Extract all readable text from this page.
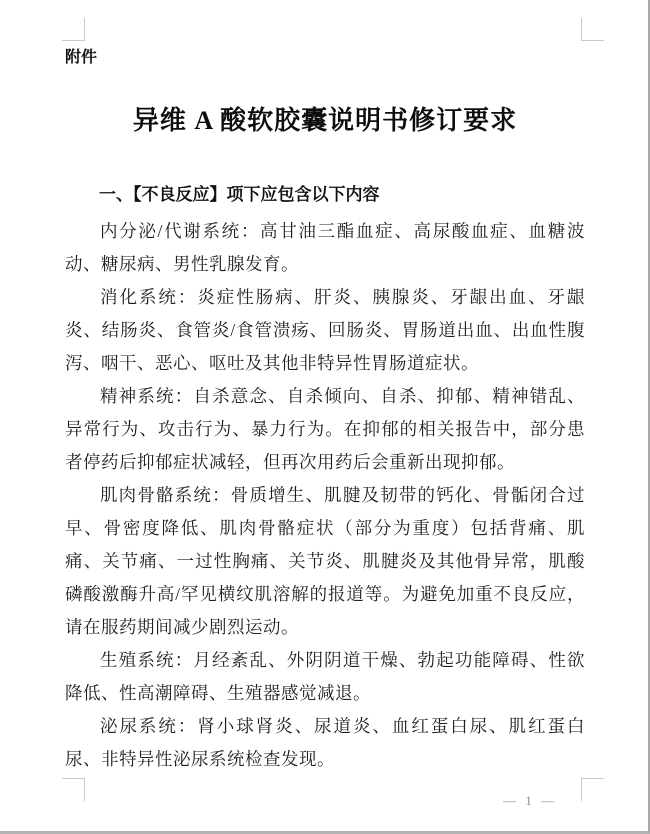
附件
异维 A 酸软胶囊说明书修订要求
一、【不良反应】项下应包含以下内容

内分泌/代谢系统：高甘油三酯血症、高尿酸血症、血糖波动、糖尿病、男性乳腺发育。

消化系统：炎症性肠病、肝炎、胰腺炎、牙龈出血、牙龈炎、结肠炎、食管炎/食管溃疡、回肠炎、胃肠道出血、出血性腹泻、咽干、恶心、呕吐及其他非特异性胃肠道症状。

精神系统：自杀意念、自杀倾向、自杀、抑郁、精神错乱、异常行为、攻击行为、暴力行为。在抑郁的相关报告中，部分患者停药后抑郁症状减轻，但再次用药后会重新出现抑郁。

肌肉骨骼系统：骨质增生、肌腱及韧带的钙化、骨骺闭合过早、骨密度降低、肌肉骨骼症状（部分为重度）包括背痛、肌痛、关节痛、一过性胸痛、关节炎、肌腱炎及其他骨异常，肌酸磷酸激酶升高/罕见横纹肌溶解的报道等。为避免加重不良反应，请在服药期间减少剧烈运动。

生殖系统：月经紊乱、外阴阴道干燥、勃起功能障碍、性欲降低、性高潮障碍、生殖器感觉减退。

泌尿系统：肾小球肾炎、尿道炎、血红蛋白尿、肌红蛋白尿、非特异性泌尿系统检查发现。

— 1 —
